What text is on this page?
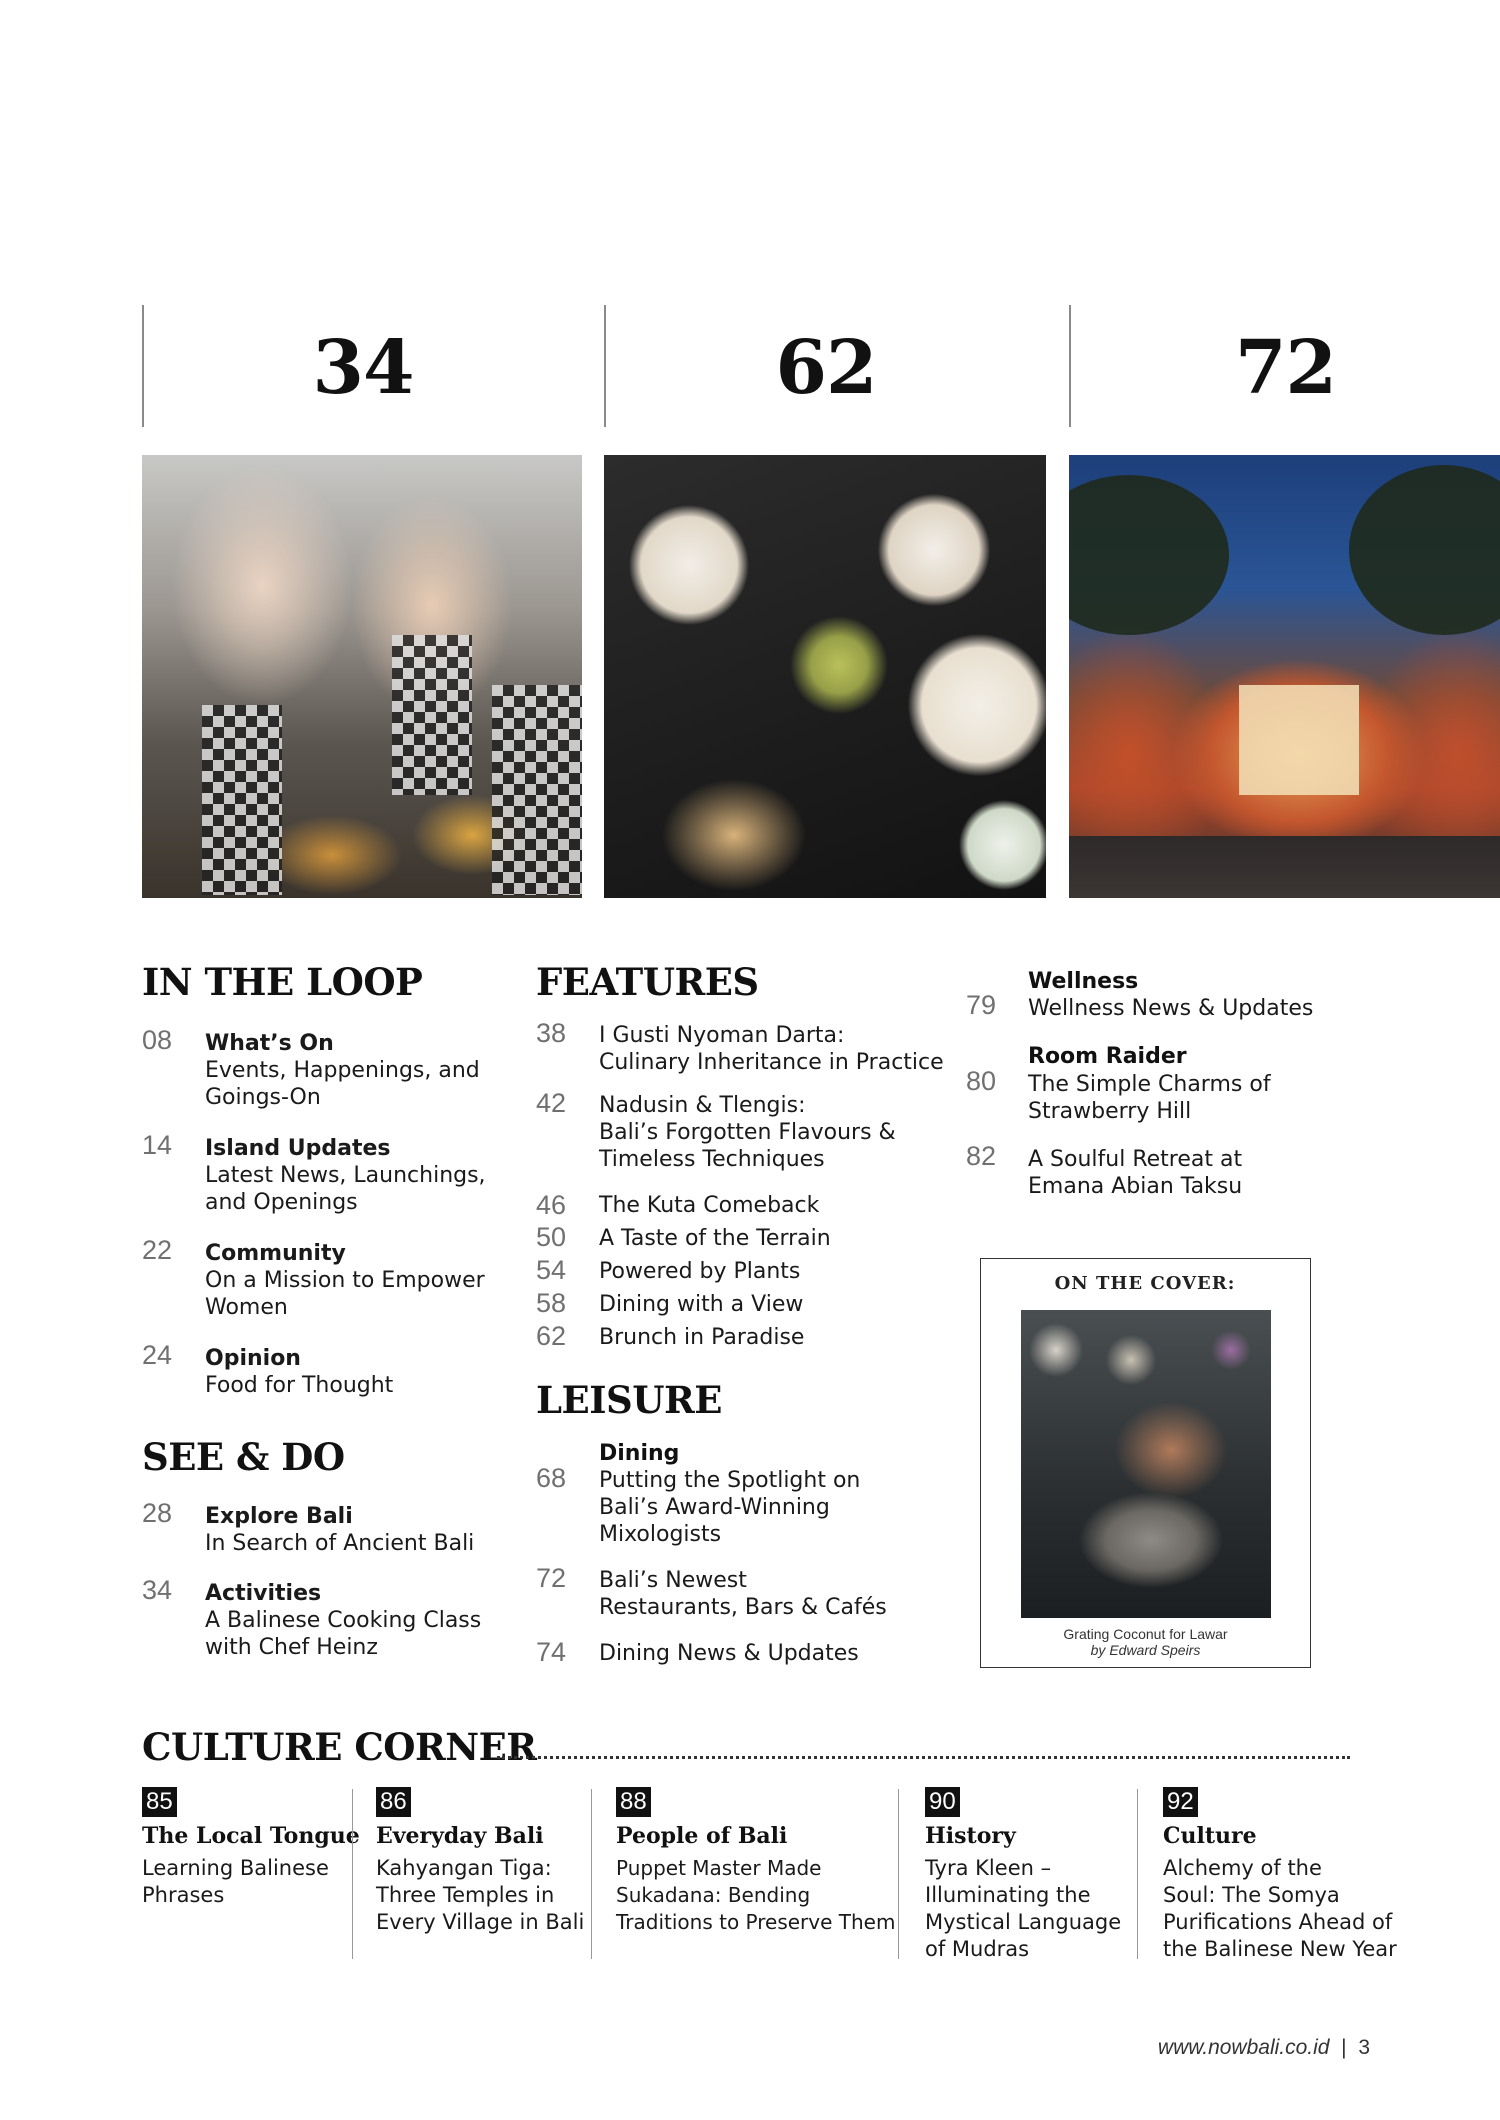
34	62	72
IN THE LOOP
08 What’s On
Events, Happenings, and
Goings-On
14 Island Updates
Latest News, Launchings,
and Openings
22 Community
On a Mission to Empower
Women
24 Opinion
Food for Thought
SEE & DO
28 Explore Bali
In Search of Ancient Bali
34 Activities
A Balinese Cooking Class
with Chef Heinz
FEATURES
38 I Gusti Nyoman Darta:
Culinary Inheritance in Practice
42 Nadusin & Tlengis:
Bali’s Forgotten Flavours &
Timeless Techniques
46 The Kuta Comeback
50 A Taste of the Terrain
54 Powered by Plants
58 Dining with a View
62 Brunch in Paradise
LEISURE
Dining
68 Putting the Spotlight on
Bali’s Award-Winning
Mixologists
72 Bali’s Newest
Restaurants, Bars & Cafés
74 Dining News & Updates
Wellness
79 Wellness News & Updates
Room Raider
80 The Simple Charms of
Strawberry Hill
82 A Soulful Retreat at
Emana Abian Taksu
ON THE COVER:
Grating Coconut for Lawar
by Edward Speirs
CULTURE CORNER
85
The Local Tongue
Learning Balinese
Phrases
86
Everyday Bali
Kahyangan Tiga:
Three Temples in
Every Village in Bali
88
People of Bali
Puppet Master Made
Sukadana: Bending
Traditions to Preserve Them
90
History
Tyra Kleen –
Illuminating the
Mystical Language
of Mudras
92
Culture
Alchemy of the
Soul: The Somya
Purifications Ahead of
the Balinese New Year
www.nowbali.co.id | 3
